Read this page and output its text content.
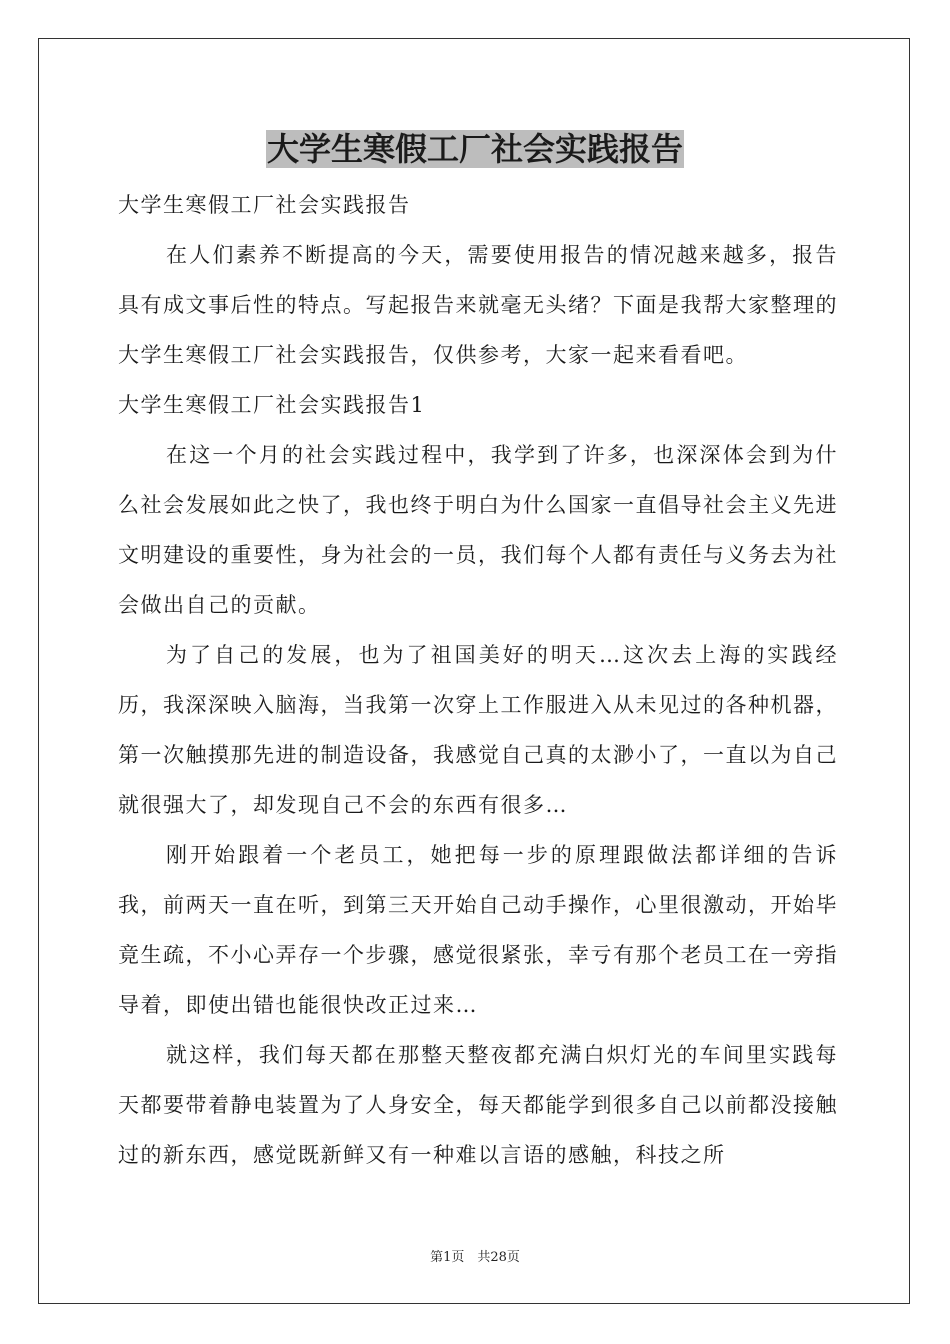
大学生寒假工厂社会实践报告

大学生寒假工厂社会实践报告

在人们素养不断提高的今天，需要使用报告的情况越来越多，报告具有成文事后性的特点。写起报告来就毫无头绪？下面是我帮大家整理的大学生寒假工厂社会实践报告，仅供参考，大家一起来看看吧。

大学生寒假工厂社会实践报告1

在这一个月的社会实践过程中，我学到了许多，也深深体会到为什么社会发展如此之快了，我也终于明白为什么国家一直倡导社会主义先进文明建设的重要性，身为社会的一员，我们每个人都有责任与义务去为社会做出自己的贡献。

为了自己的发展，也为了祖国美好的明天…这次去上海的实践经历，我深深映入脑海，当我第一次穿上工作服进入从未见过的各种机器，第一次触摸那先进的制造设备，我感觉自己真的太渺小了，一直以为自己就很强大了，却发现自己不会的东西有很多…

刚开始跟着一个老员工，她把每一步的原理跟做法都详细的告诉我，前两天一直在听，到第三天开始自己动手操作，心里很激动，开始毕竟生疏，不小心弄存一个步骤，感觉很紧张，幸亏有那个老员工在一旁指导着，即使出错也能很快改正过来…

就这样，我们每天都在那整天整夜都充满白炽灯光的车间里实践每天都要带着静电装置为了人身安全，每天都能学到很多自己以前都没接触过的新东西，感觉既新鲜又有一种难以言语的感触，科技之所

第1页　共28页
